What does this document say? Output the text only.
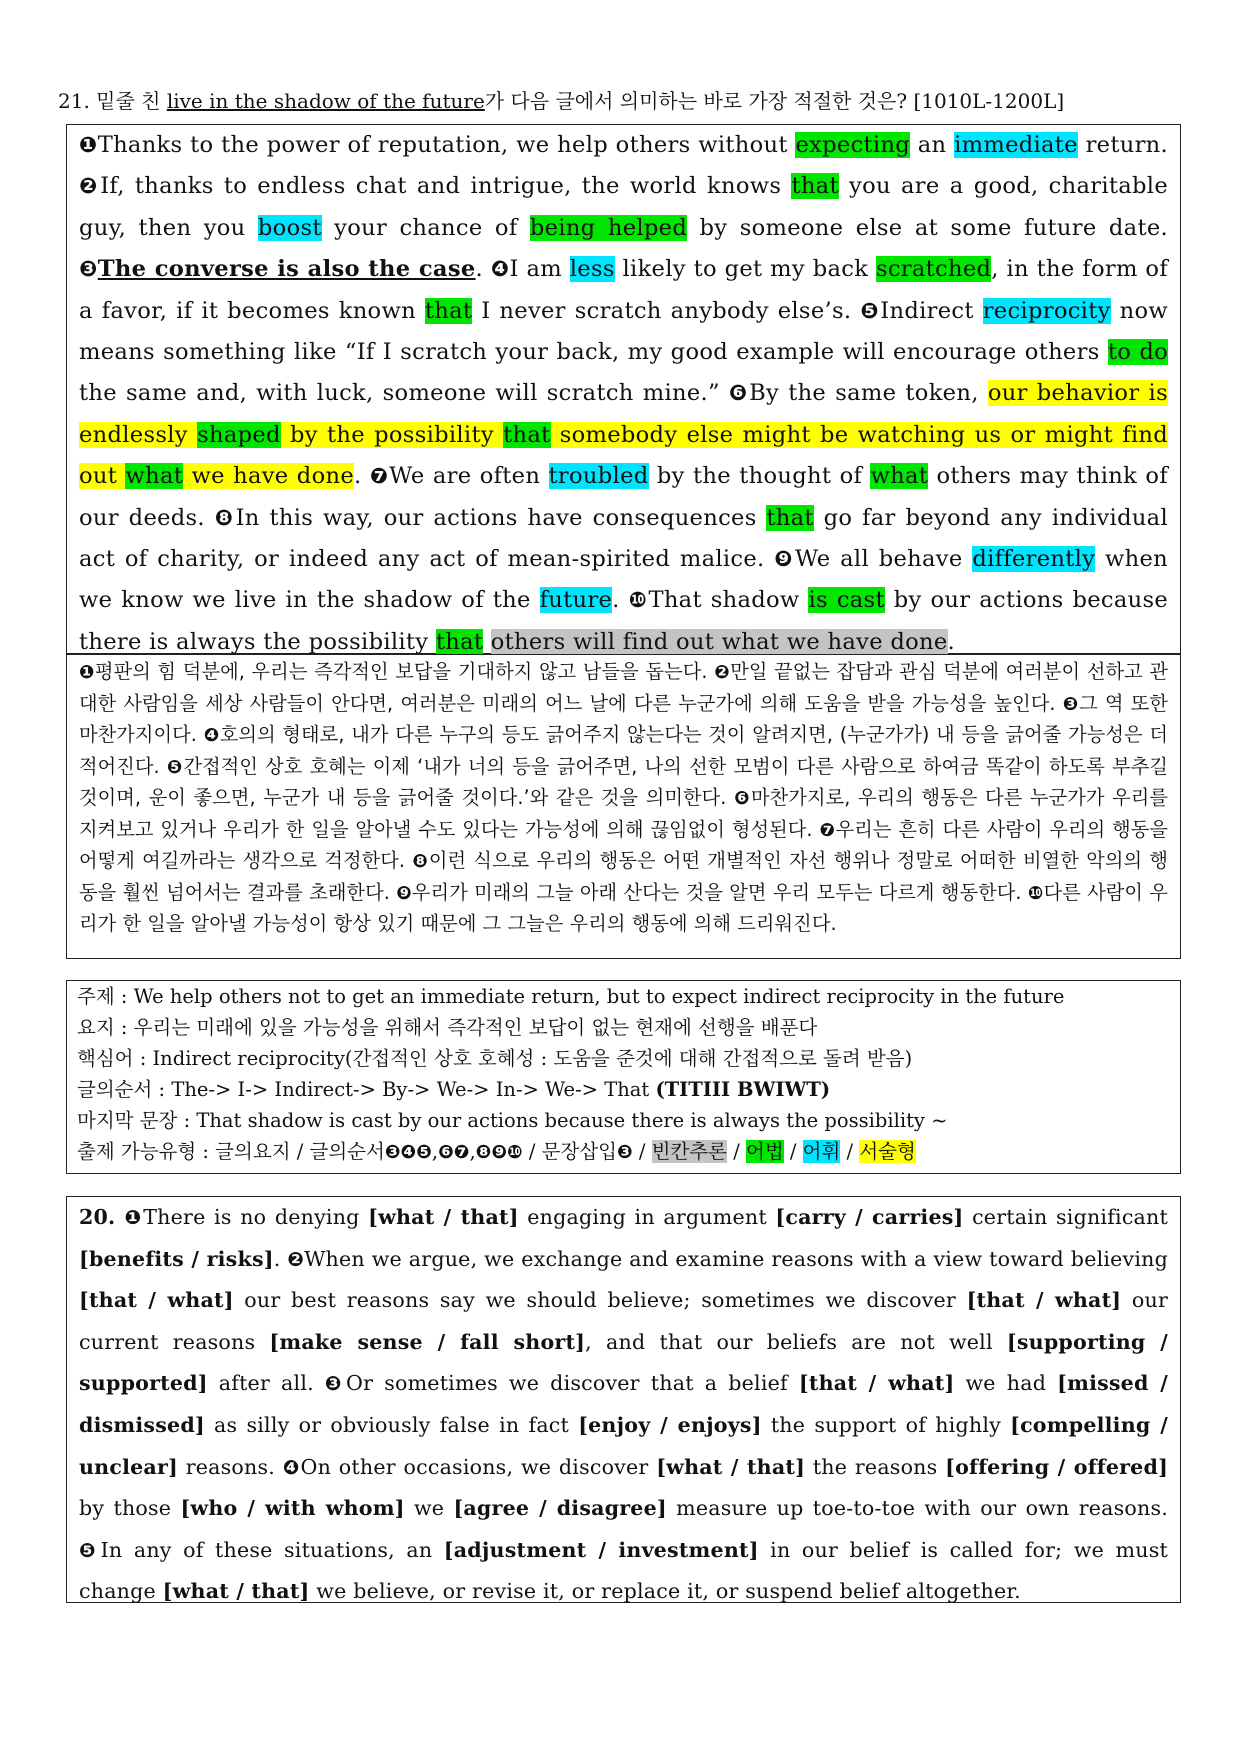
21. 밑줄 친 live in the shadow of the future가 다음 글에서 의미하는 바로 가장 적절한 것은? [1010L-1200L]
❶Thanks to the power of reputation, we help others without expecting an immediate return. ❷If, thanks to endless chat and intrigue, the world knows that you are a good, charitable guy, then you boost your chance of being helped by someone else at some future date. ❸The converse is also the case. ❹I am less likely to get my back scratched, in the form of a favor, if it becomes known that I never scratch anybody else’s. ❺Indirect reciprocity now means something like “If I scratch your back, my good example will encourage others to do the same and, with luck, someone will scratch mine.” ❻By the same token, our behavior is endlessly shaped by the possibility that somebody else might be watching us or might find out what we have done. ❼We are often troubled by the thought of what others may think of our deeds. ❽In this way, our actions have consequences that go far beyond any individual act of charity, or indeed any act of mean-spirited malice. ❾We all behave differently when we know we live in the shadow of the future. ❿That shadow is cast by our actions because there is always the possibility that others will find out what we have done.
❶평판의 힘 덕분에, 우리는 즉각적인 보답을 기대하지 않고 남들을 돕는다. ❷만일 끝없는 잡담과 관심 덕분에 여러분이 선하고 관대한 사람임을 세상 사람들이 안다면, 여러분은 미래의 어느 날에 다른 누군가에 의해 도움을 받을 가능성을 높인다. ❸그 역 또한 마찬가지이다. ❹호의의 형태로, 내가 다른 누구의 등도 긁어주지 않는다는 것이 알려지면, (누군가가) 내 등을 긁어줄 가능성은 더 적어진다. ❺간접적인 상호 호혜는 이제 ‘내가 너의 등을 긁어주면, 나의 선한 모범이 다른 사람으로 하여금 똑같이 하도록 부추길 것이며, 운이 좋으면, 누군가 내 등을 긁어줄 것이다.’와 같은 것을 의미한다. ❻마찬가지로, 우리의 행동은 다른 누군가가 우리를 지켜보고 있거나 우리가 한 일을 알아낼 수도 있다는 가능성에 의해 끊임없이 형성된다. ❼우리는 흔히 다른 사람이 우리의 행동을 어떻게 여길까라는 생각으로 걱정한다. ❽이런 식으로 우리의 행동은 어떤 개별적인 자선 행위나 정말로 어떠한 비열한 악의의 행동을 훨씬 넘어서는 결과를 초래한다. ❾우리가 미래의 그늘 아래 산다는 것을 알면 우리 모두는 다르게 행동한다. ❿다른 사람이 우리가 한 일을 알아낼 가능성이 항상 있기 때문에 그 그늘은 우리의 행동에 의해 드리워진다.
주제 : We help others not to get an immediate return, but to expect indirect reciprocity in the future
요지 : 우리는 미래에 있을 가능성을 위해서 즉각적인 보답이 없는 현재에 선행을 배푼다
핵심어 : Indirect reciprocity(간접적인 상호 호혜성 : 도움을 준것에 대해 간접적으로 돌려 받음)
글의순서 : The-> I-> Indirect-> By-> We-> In-> We-> That (TITIII BWIWT)
마지막 문장 : That shadow is cast by our actions because there is always the possibility ~
출제 가능유형 : 글의요지 / 글의순서❸❹❺,❻❼,❽❾❿ / 문장삽입❸ / 빈칸추론 / 어법 / 어휘 / 서술형
20. ❶There is no denying [what / that] engaging in argument [carry / carries] certain significant [benefits / risks]. ❷When we argue, we exchange and examine reasons with a view toward believing [that / what] our best reasons say we should believe; sometimes we discover [that / what] our current reasons [make sense / fall short], and that our beliefs are not well [supporting / supported] after all. ❸Or sometimes we discover that a belief [that / what] we had [missed / dismissed] as silly or obviously false in fact [enjoy / enjoys] the support of highly [compelling / unclear] reasons. ❹On other occasions, we discover [what / that] the reasons [offering / offered] by those [who / with whom] we [agree / disagree] measure up toe-to-toe with our own reasons. ❺In any of these situations, an [adjustment / investment] in our belief is called for; we must change [what / that] we believe, or revise it, or replace it, or suspend belief altogether.
